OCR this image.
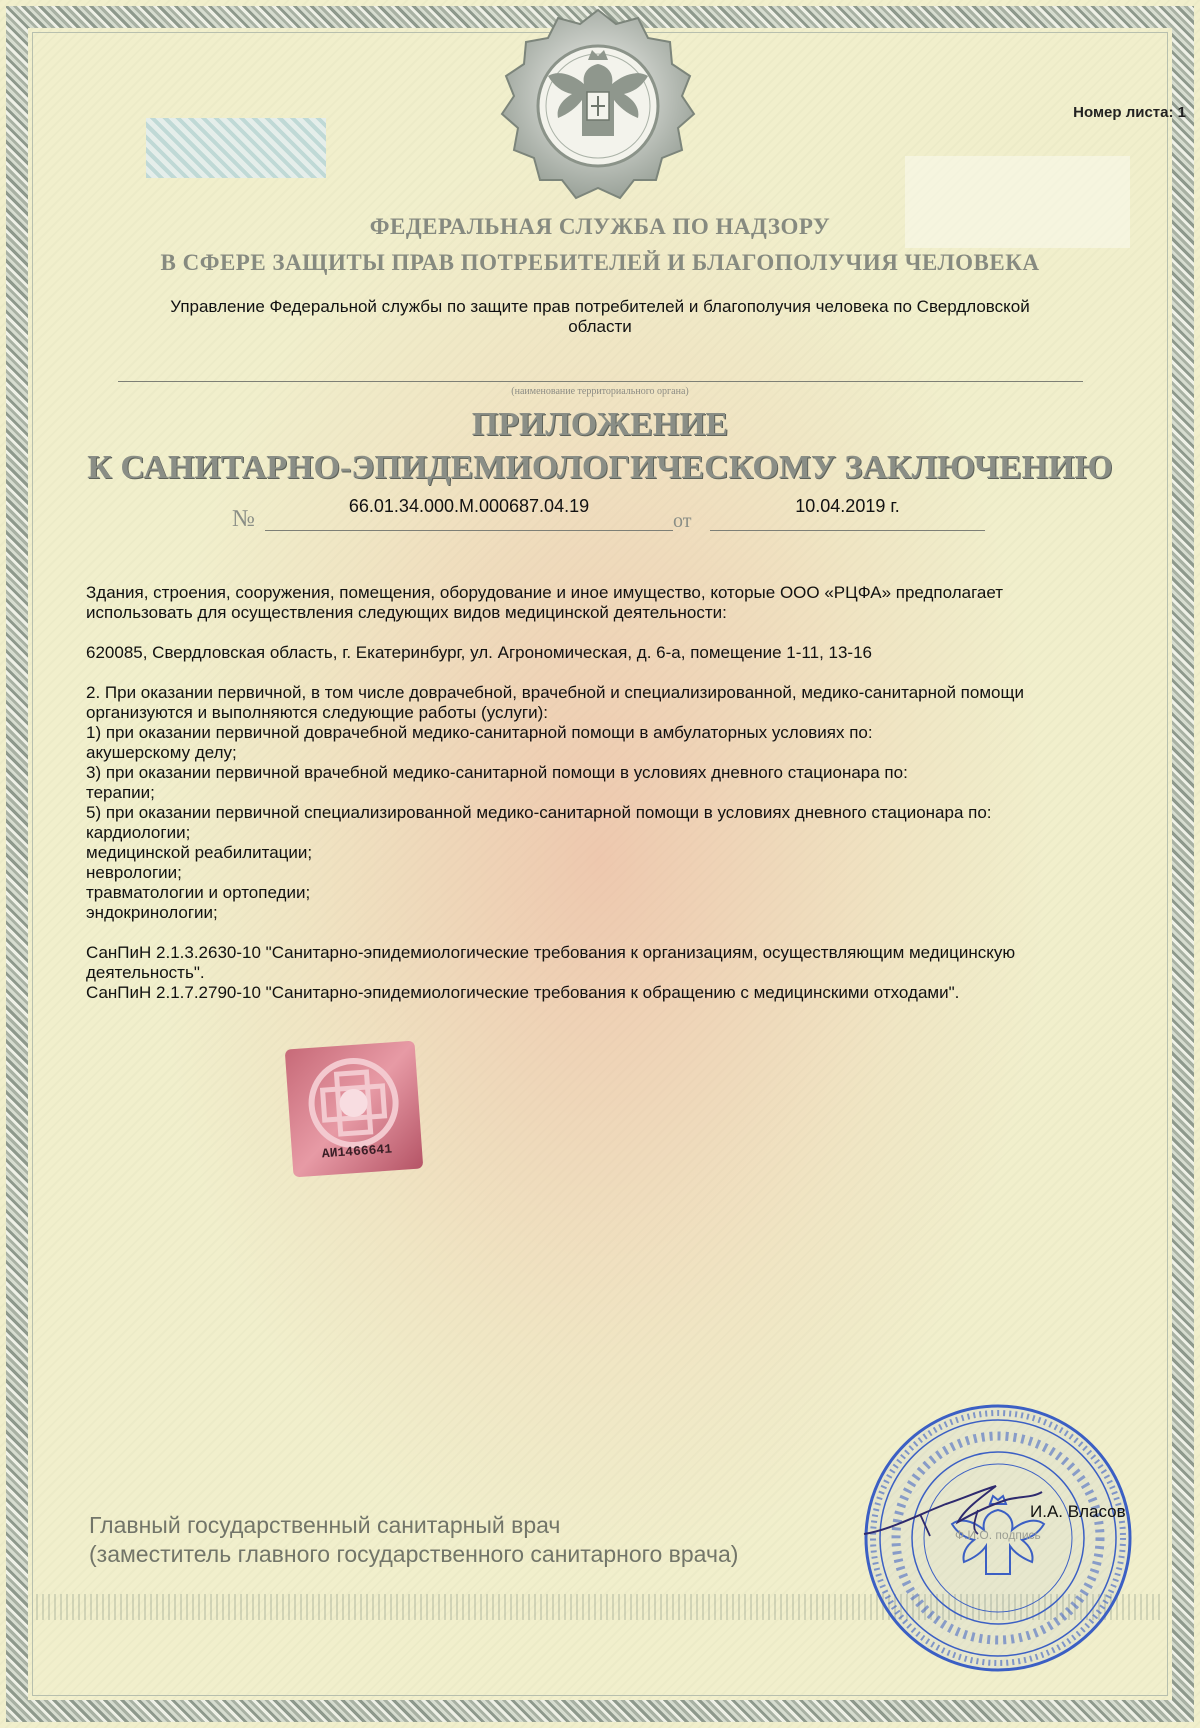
Номер листа: 1
ФЕДЕРАЛЬНАЯ СЛУЖБА ПО НАДЗОРУ
В СФЕРЕ ЗАЩИТЫ ПРАВ ПОТРЕБИТЕЛЕЙ И БЛАГОПОЛУЧИЯ ЧЕЛОВЕКА
Управление Федеральной службы по защите прав потребителей и благополучия человека по Свердловской
области
(наименование территориального органа)
ПРИЛОЖЕНИЕ
К САНИТАРНО-ЭПИДЕМИОЛОГИЧЕСКОМУ ЗАКЛЮЧЕНИЮ
№	66.01.34.000.М.000687.04.19
от
10.04.2019 г.

Здания, строения, сооружения, помещения, оборудование и иное имущество, которые ООО «РЦФА» предполагает

использовать для осуществления следующих видов медицинской деятельности:

620085, Свердловская область, г. Екатеринбург, ул. Агрономическая, д. 6-а, помещение 1-11, 13-16

2. При оказании первичной, в том числе доврачебной, врачебной и специализированной, медико-санитарной помощи

организуются и выполняются следующие работы (услуги):

1) при оказании первичной доврачебной медико-санитарной помощи в амбулаторных условиях по:

акушерскому делу;

3) при оказании первичной врачебной медико-санитарной помощи в условиях дневного стационара по:

терапии;

5) при оказании первичной специализированной медико-санитарной помощи в условиях дневного стационара по:

кардиологии;

медицинской реабилитации;

неврологии;

травматологии и ортопедии;

эндокринологии;

СанПиН 2.1.3.2630-10 "Санитарно-эпидемиологические требования к организациям, осуществляющим медицинскую

деятельность".

СанПиН 2.1.7.2790-10 "Санитарно-эпидемиологические требования к обращению с медицинскими отходами".

АИ1466641
Главный государственный санитарный врач
(заместитель главного государственного санитарного врача)
И.А. Власов
Ф.И.О. подпись
